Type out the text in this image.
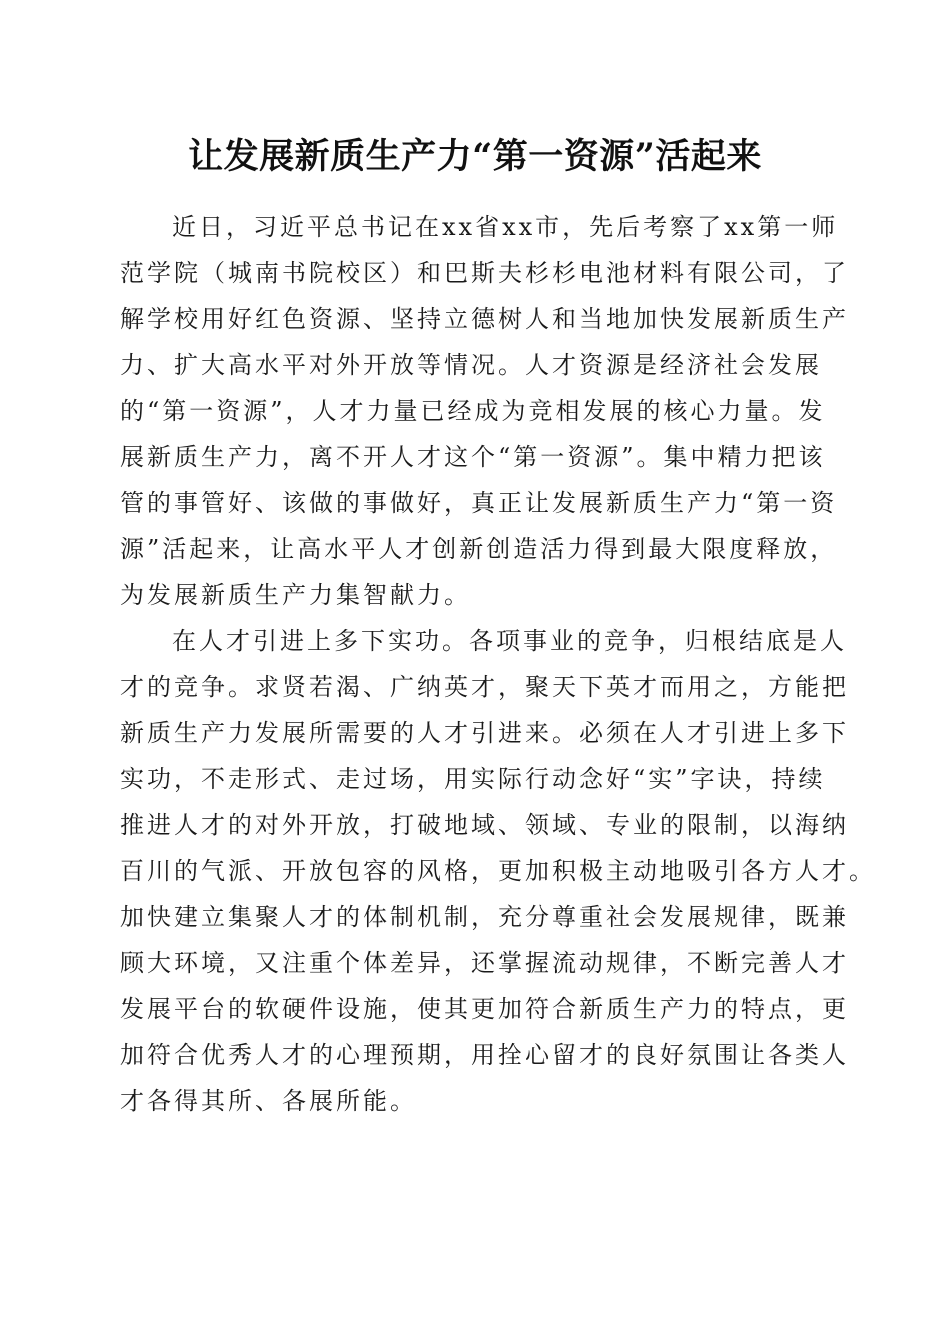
让发展新质生产力“第一资源”活起来
近日，习近平总书记在xx省xx市，先后考察了xx第一师
范学院（城南书院校区）和巴斯夫杉杉电池材料有限公司，了
解学校用好红色资源、坚持立德树人和当地加快发展新质生产
力、扩大高水平对外开放等情况。人才资源是经济社会发展
的“第一资源”，人才力量已经成为竞相发展的核心力量。发
展新质生产力，离不开人才这个“第一资源”。集中精力把该
管的事管好、该做的事做好，真正让发展新质生产力“第一资
源”活起来，让高水平人才创新创造活力得到最大限度释放，
为发展新质生产力集智献力。
在人才引进上多下实功。各项事业的竞争，归根结底是人
才的竞争。求贤若渴、广纳英才，聚天下英才而用之，方能把
新质生产力发展所需要的人才引进来。必须在人才引进上多下
实功，不走形式、走过场，用实际行动念好“实”字诀，持续
推进人才的对外开放，打破地域、领域、专业的限制，以海纳
百川的气派、开放包容的风格，更加积极主动地吸引各方人才。
加快建立集聚人才的体制机制，充分尊重社会发展规律，既兼
顾大环境，又注重个体差异，还掌握流动规律，不断完善人才
发展平台的软硬件设施，使其更加符合新质生产力的特点，更
加符合优秀人才的心理预期，用拴心留才的良好氛围让各类人
才各得其所、各展所能。
